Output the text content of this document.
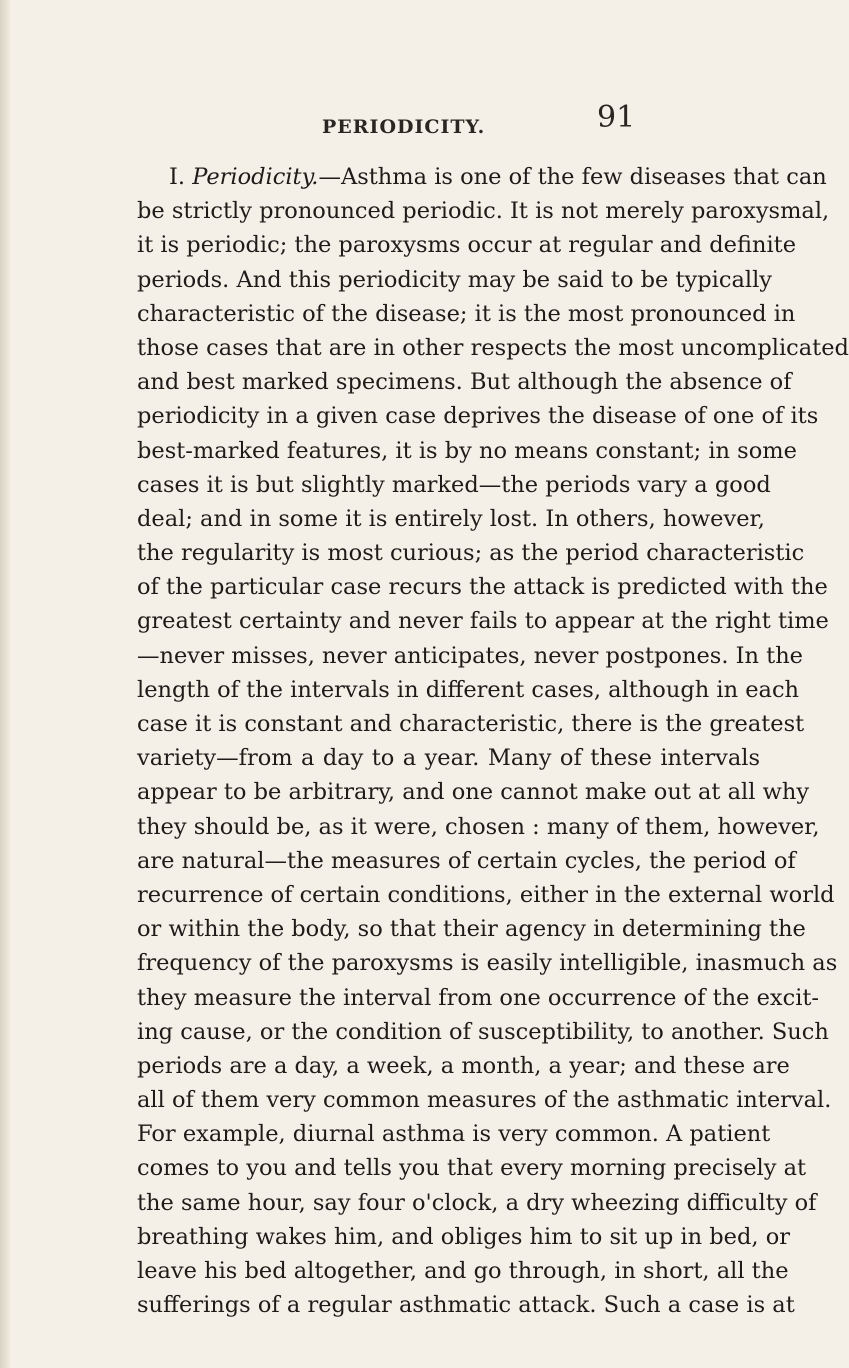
PERIODICITY.	91
I. Periodicity.—Asthma is one of the few diseases that can
be strictly pronounced periodic. It is not merely paroxysmal,
it is periodic; the paroxysms occur at regular and definite
periods. And this periodicity may be said to be typically
characteristic of the disease; it is the most pronounced in
those cases that are in other respects the most uncomplicated
and best marked specimens. But although the absence of
periodicity in a given case deprives the disease of one of its
best-marked features, it is by no means constant; in some
cases it is but slightly marked—the periods vary a good
deal; and in some it is entirely lost. In others, however,
the regularity is most curious; as the period characteristic
of the particular case recurs the attack is predicted with the
greatest certainty and never fails to appear at the right time
—never misses, never anticipates, never postpones. In the
length of the intervals in different cases, although in each
case it is constant and characteristic, there is the greatest
variety—from a day to a year. Many of these intervals
appear to be arbitrary, and one cannot make out at all why
they should be, as it were, chosen : many of them, however,
are natural—the measures of certain cycles, the period of
recurrence of certain conditions, either in the external world
or within the body, so that their agency in determining the
frequency of the paroxysms is easily intelligible, inasmuch as
they measure the interval from one occurrence of the excit-
ing cause, or the condition of susceptibility, to another. Such
periods are a day, a week, a month, a year; and these are
all of them very common measures of the asthmatic interval.
For example, diurnal asthma is very common. A patient
comes to you and tells you that every morning precisely at
the same hour, say four o'clock, a dry wheezing difficulty of
breathing wakes him, and obliges him to sit up in bed, or
leave his bed altogether, and go through, in short, all the
sufferings of a regular asthmatic attack. Such a case is at
